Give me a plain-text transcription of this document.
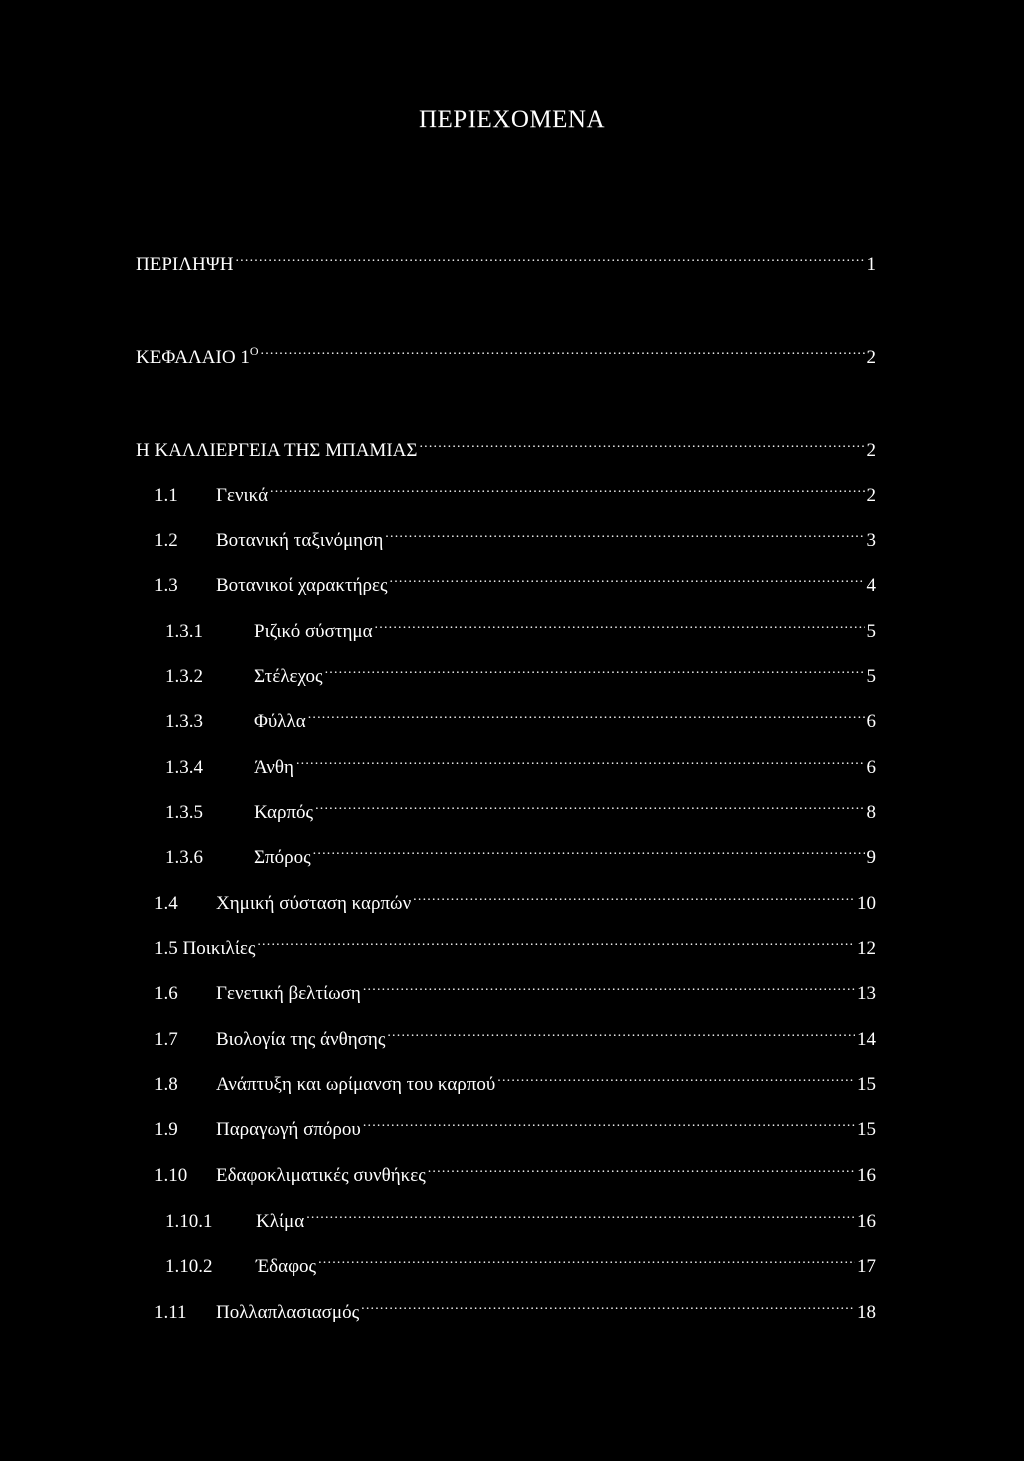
ΠΕΡΙΕΧΟΜΕΝΑ
ΠΕΡΙΛΗΨΗ .....	1
ΚΕΦΑΛΑΙΟ $1^O$ .....	2
Η ΚΑΛΛΙΕΡΓΕΙΑ ΤΗΣ ΜΠΑΜΙΑΣ .....	2
1.1	Γενικά .....	2
1.2	Βοτανική ταξινόμηση .....	3
1.3	Βοτανικοί χαρακτήρες .....	4
1.3.1	Ριζικό σύστημα .....	5
1.3.2	Στέλεχος .....	5
1.3.3	Φύλλα .....	6
1.3.4	Άνθη .....	6
1.3.5	Καρπός .....	8
1.3.6	Σπόρος .....	9
1.4	Χημική σύσταση καρπών .....	10
1.5 Ποικιλίες .....	12
1.6	Γενετική βελτίωση .....	13
1.7	Βιολογία της άνθησης .....	14
1.8	Ανάπτυξη και ωρίμανση του καρπού .....	15
1.9	Παραγωγή σπόρου .....	15
1.10	Εδαφοκλιματικές συνθήκες .....	16
1.10.1	Κλίμα .....	16
1.10.2	Έδαφος .....	17
1.11	Πολλαπλασιασμός .....	18
